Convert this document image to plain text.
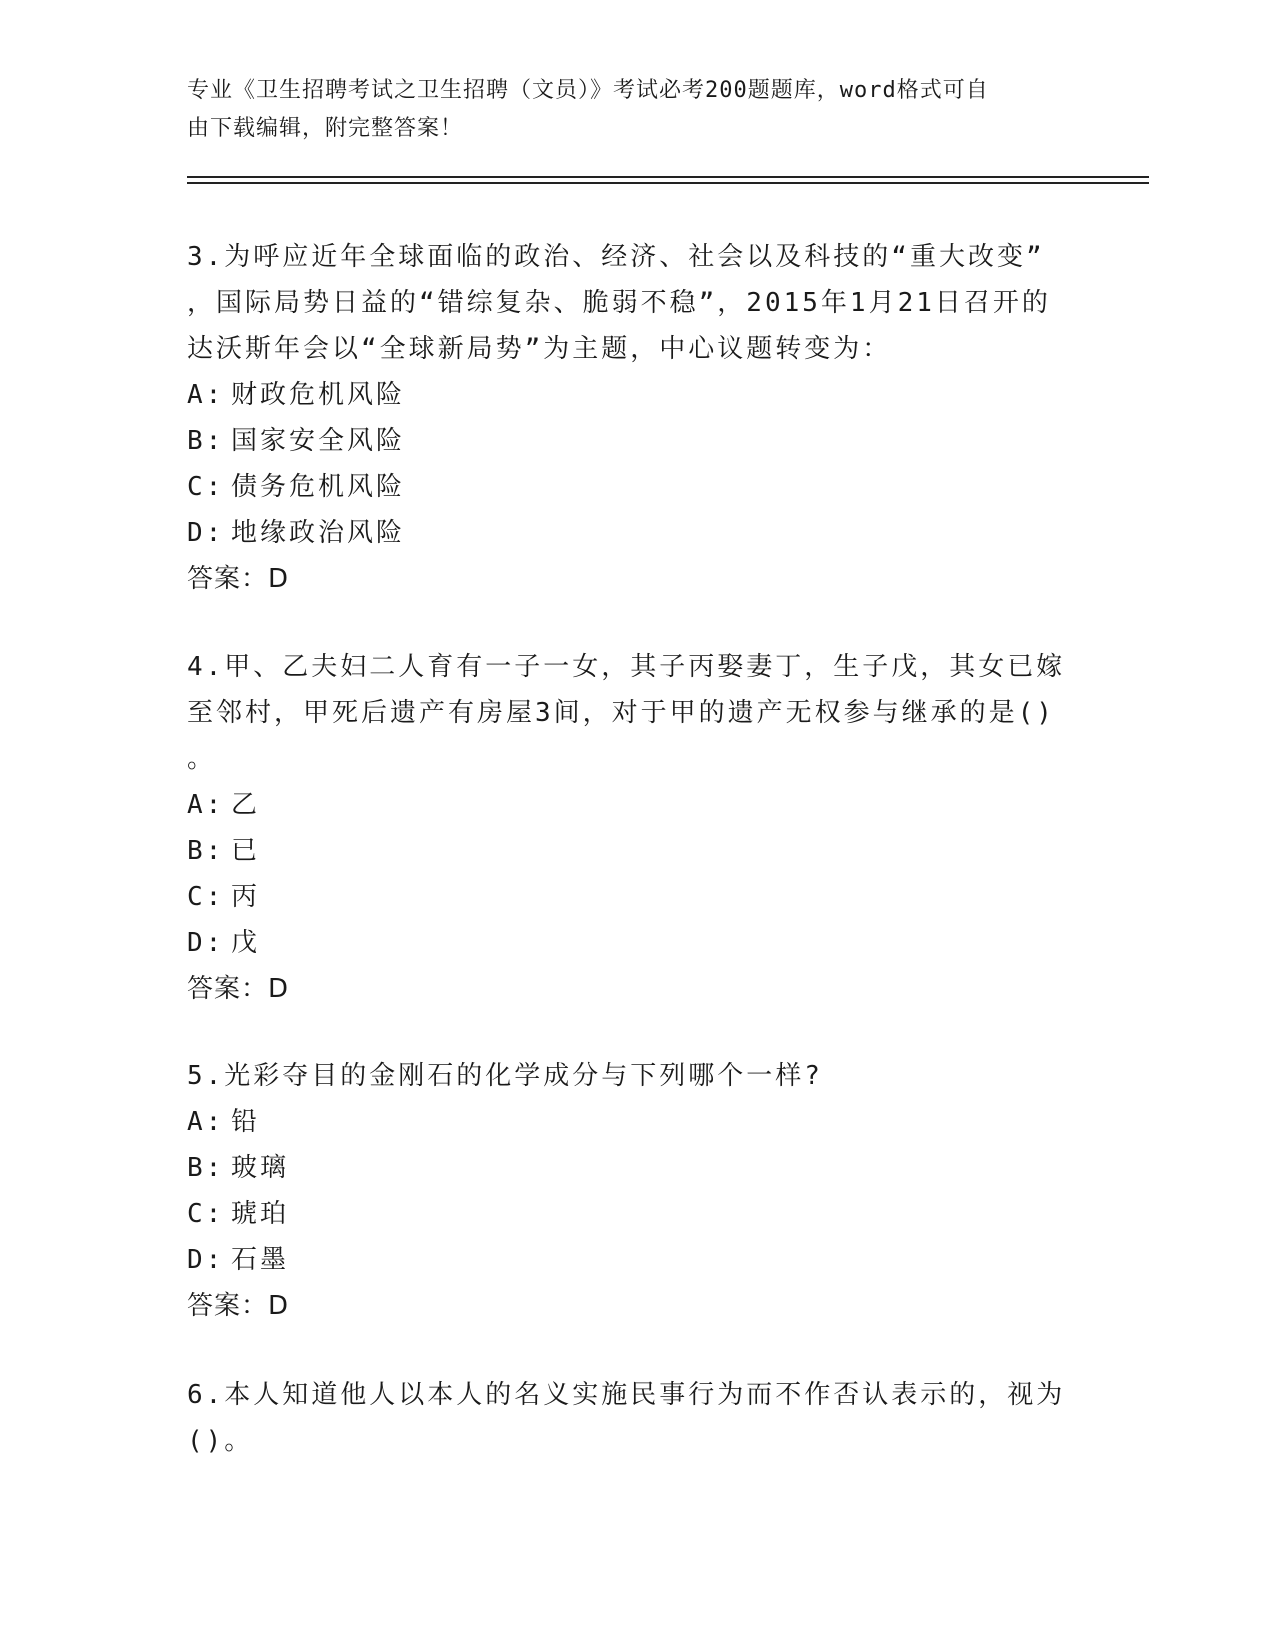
专业《卫生招聘考试之卫生招聘（文员）》考试必考200题题库，word格式可自
由下载编辑，附完整答案！
3.为呼应近年全球面临的政治、经济、社会以及科技的“重大改变”
，国际局势日益的“错综复杂、脆弱不稳”，2015年1月21日召开的
达沃斯年会以“全球新局势”为主题，中心议题转变为：
A: 财政危机风险
B: 国家安全风险
C: 债务危机风险
D: 地缘政治风险
答案：D
4.甲、乙夫妇二人育有一子一女，其子丙娶妻丁，生子戊，其女已嫁
至邻村，甲死后遗产有房屋3间，对于甲的遗产无权参与继承的是()
。
A: 乙
B: 已
C: 丙
D: 戊
答案：D
5.光彩夺目的金刚石的化学成分与下列哪个一样?
A: 铅
B: 玻璃
C: 琥珀
D: 石墨
答案：D
6.本人知道他人以本人的名义实施民事行为而不作否认表示的，视为
()。
